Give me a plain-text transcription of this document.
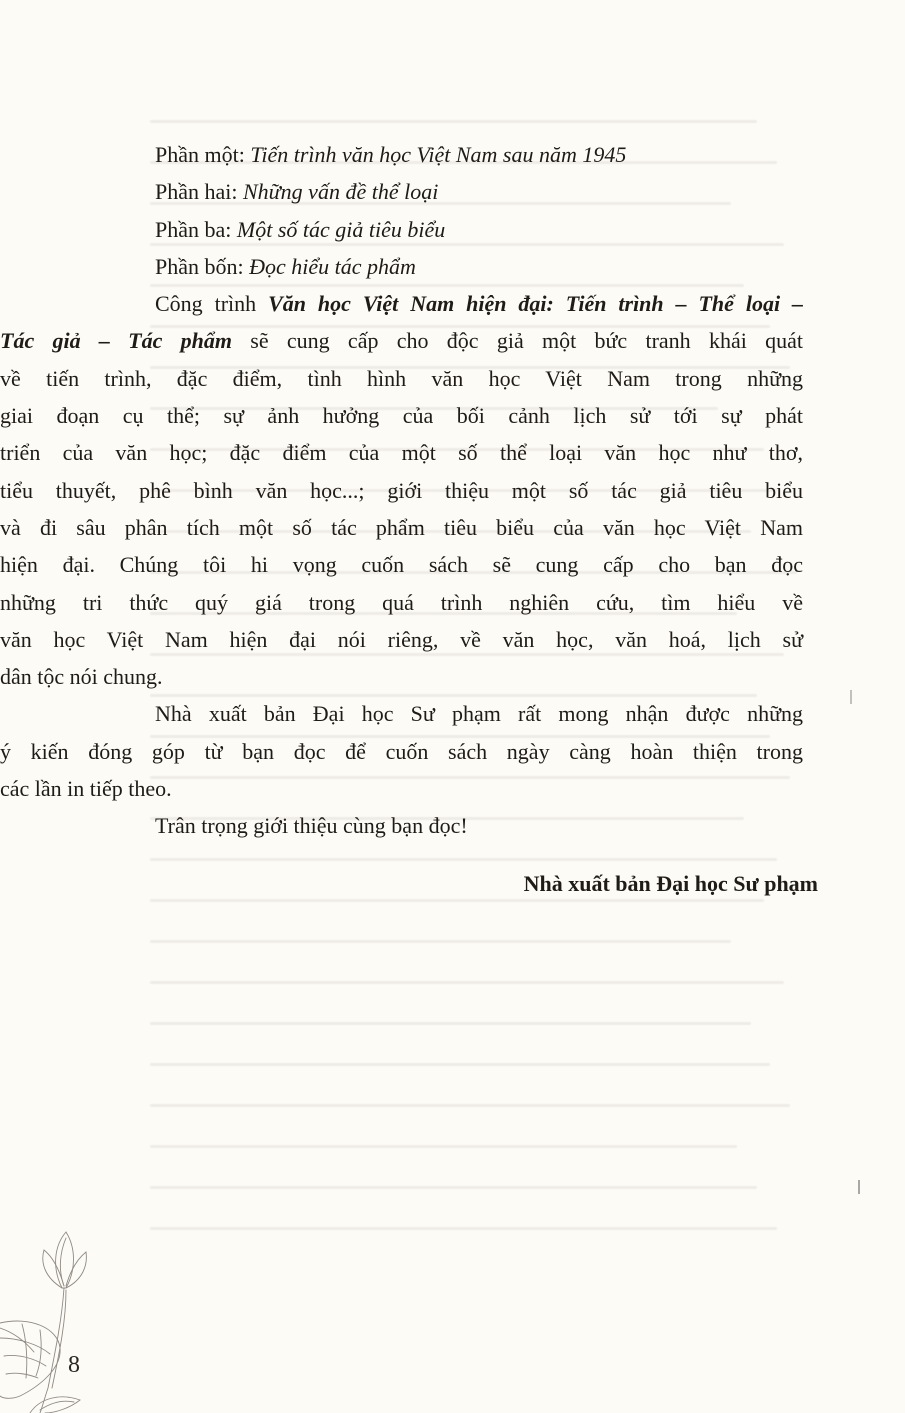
Phần một: Tiến trình văn học Việt Nam sau năm 1945

Phần hai: Những vấn đề thể loại

Phần ba: Một số tác giả tiêu biểu

Phần bốn: Đọc hiểu tác phẩm

Công trình Văn học Việt Nam hiện đại: Tiến trình – Thể loại –
Tác giả – Tác phẩm sẽ cung cấp cho độc giả một bức tranh khái quát
về tiến trình, đặc điểm, tình hình văn học Việt Nam trong những
giai đoạn cụ thể; sự ảnh hưởng của bối cảnh lịch sử tới sự phát
triển của văn học; đặc điểm của một số thể loại văn học như thơ,
tiểu thuyết, phê bình văn học...; giới thiệu một số tác giả tiêu biểu
và đi sâu phân tích một số tác phẩm tiêu biểu của văn học Việt Nam
hiện đại. Chúng tôi hi vọng cuốn sách sẽ cung cấp cho bạn đọc
những tri thức quý giá trong quá trình nghiên cứu, tìm hiểu về
văn học Việt Nam hiện đại nói riêng, về văn học, văn hoá, lịch sử
dân tộc nói chung.
Nhà xuất bản Đại học Sư phạm rất mong nhận được những
ý kiến đóng góp từ bạn đọc để cuốn sách ngày càng hoàn thiện trong
các lần in tiếp theo.

Trân trọng giới thiệu cùng bạn đọc!

Nhà xuất bản Đại học Sư phạm
8
